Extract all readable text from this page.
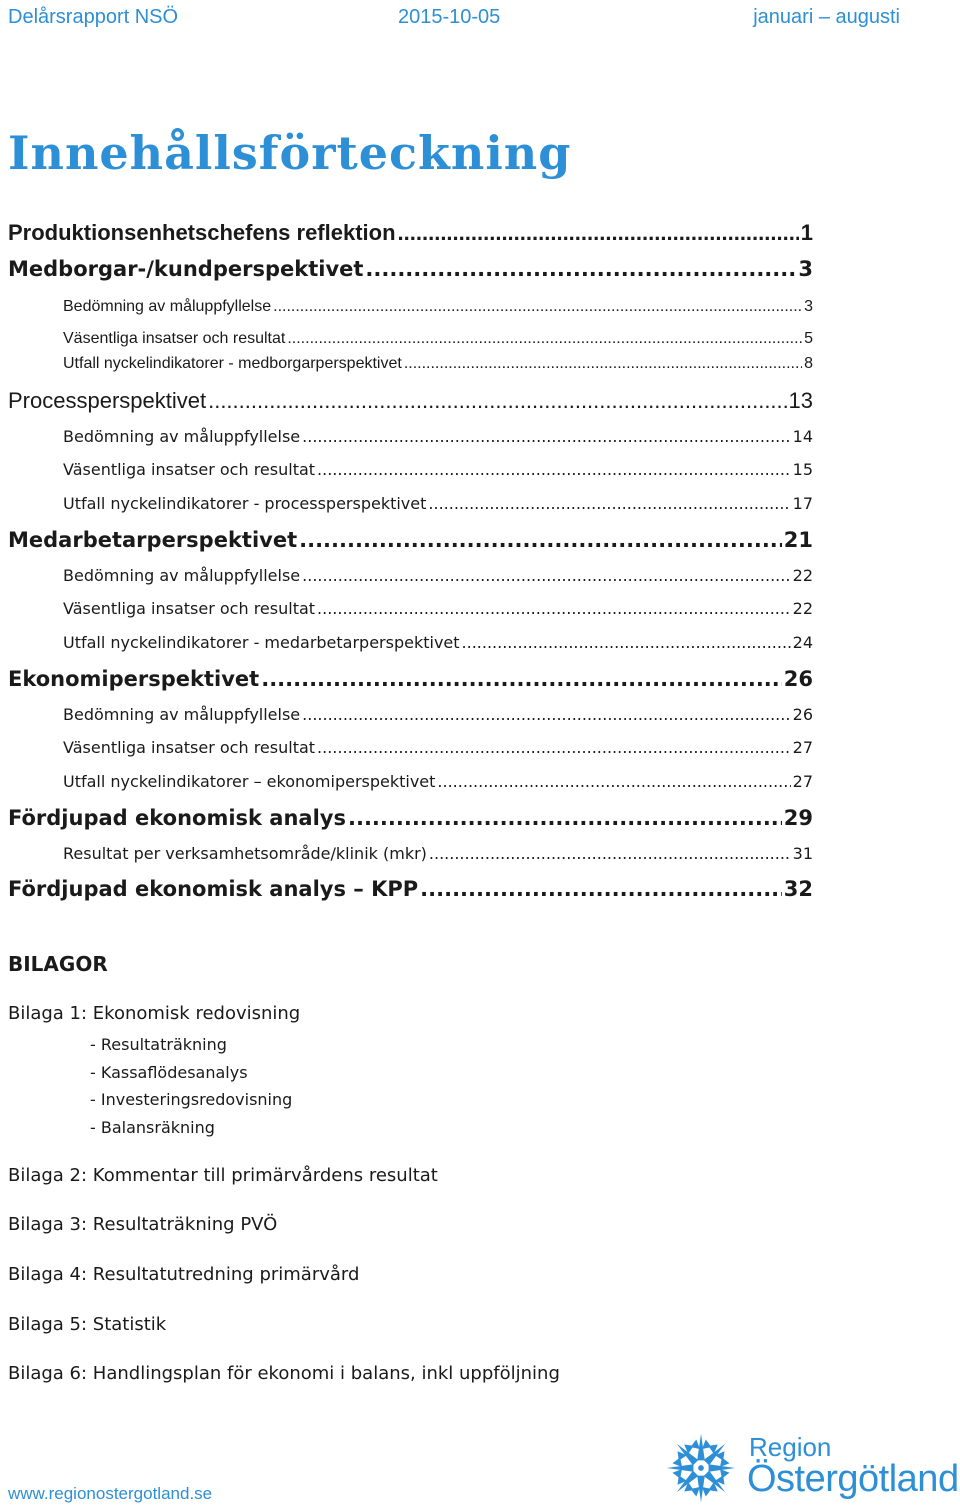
Delårsrapport NSÖ	2015-10-05	januari – augusti
Innehållsförteckning
Produktionsenhetschefens reflektion .....	1
Medborgar-/kundperspektivet .....	3
Bedömning av måluppfyllelse .....	3
Väsentliga insatser och resultat .....	5
Utfall nyckelindikatorer - medborgarperspektivet .....	8
Processperspektivet .....	13
Bedömning av måluppfyllelse .....	14
Väsentliga insatser och resultat .....	15
Utfall nyckelindikatorer - processperspektivet .....	17
Medarbetarperspektivet .....	21
Bedömning av måluppfyllelse .....	22
Väsentliga insatser och resultat .....	22
Utfall nyckelindikatorer - medarbetarperspektivet .....	24
Ekonomiperspektivet .....	26
Bedömning av måluppfyllelse .....	26
Väsentliga insatser och resultat .....	27
Utfall nyckelindikatorer – ekonomiperspektivet .....	27
Fördjupad ekonomisk analys .....	29
Resultat per verksamhetsområde/klinik (mkr) .....	31
Fördjupad ekonomisk analys – KPP .....	32
BILAGOR

Bilaga 1: Ekonomisk redovisning

- Resultaträkning

- Kassaflödesanalys

- Investeringsredovisning

- Balansräkning

Bilaga 2: Kommentar till primärvårdens resultat

Bilaga 3: Resultaträkning PVÖ

Bilaga 4: Resultatutredning primärvård

Bilaga 5: Statistik

Bilaga 6: Handlingsplan för ekonomi i balans, inkl uppföljning

www.regionostergotland.se
Region
Östergötland
